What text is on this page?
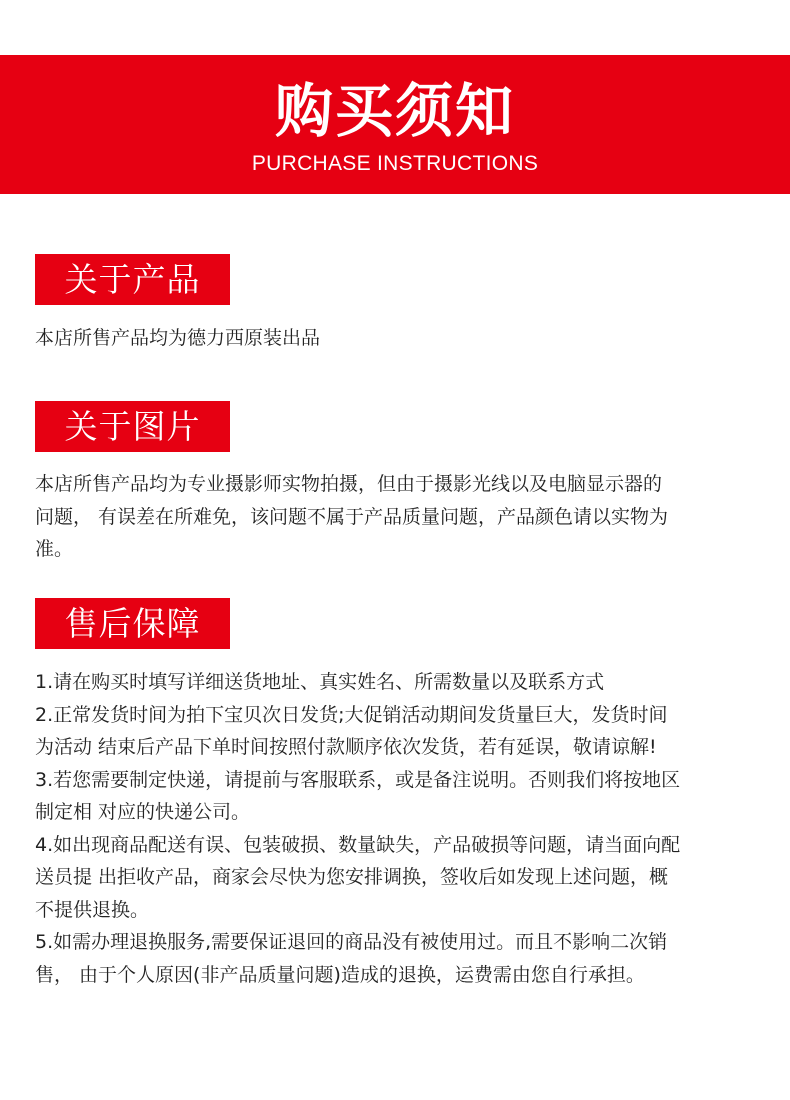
购买须知
PURCHASE INSTRUCTIONS
关于产品
本店所售产品均为德力西原装出品
关于图片

本店所售产品均为专业摄影师实物拍摄，但由于摄影光线以及电脑显示器的

问题， 有误差在所难免，该问题不属于产品质量问题，产品颜色请以实物为

准。

售后保障

1.请在购买时填写详细送货地址、真实姓名、所需数量以及联系方式

2.正常发货时间为拍下宝贝次日发货;大促销活动期间发货量巨大，发货时间

为活动 结束后产品下单时间按照付款顺序依次发货，若有延误，敬请谅解!

3.若您需要制定快递，请提前与客服联系，或是备注说明。否则我们将按地区

制定相 对应的快递公司。

4.如出现商品配送有误、包装破损、数量缺失，产品破损等问题，请当面向配

送员提 出拒收产品，商家会尽快为您安排调换，签收后如发现上述问题，概

不提供退换。

5.如需办理退换服务,需要保证退回的商品没有被使用过。而且不影响二次销

售， 由于个人原因(非产品质量问题)造成的退换，运费需由您自行承担。
